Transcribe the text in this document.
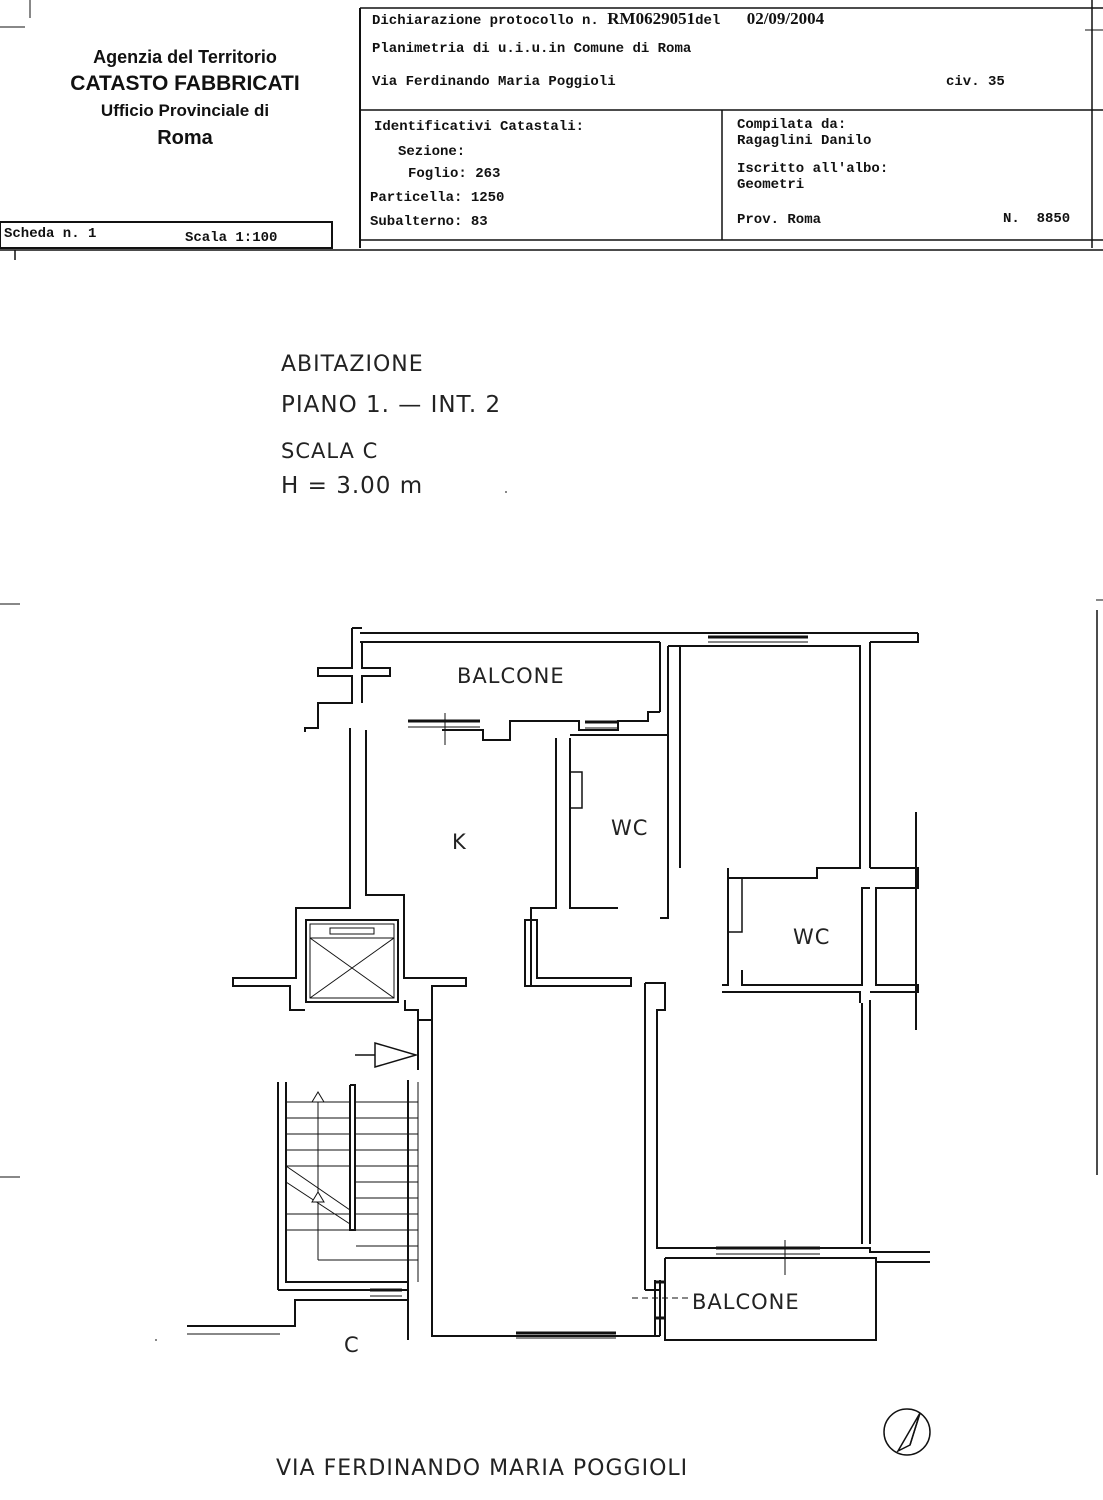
Agenzia del Territorio
CATASTO FABBRICATI
Ufficio Provinciale di
Roma
Dichiarazione protocollo n. RM0629051del 02/09/2004
Planimetria di u.i.u.in Comune di Roma
Via Ferdinando Maria Poggioli	civ. 35
Identificativi Catastali:
Sezione:
Foglio: 263
Particella: 1250
Subalterno: 83
Compilata da:
Ragaglini Danilo
Iscritto all'albo:
Geometri
Prov. Roma	N.  8850
Scheda n. 1	Scala 1:100
ABITAZIONE
PIANO 1. — INT. 2
SCALA C
H = 3.00 m
BALCONE
K
WC
WC
BALCONE
C
VIA FERDINANDO MARIA POGGIOLI
